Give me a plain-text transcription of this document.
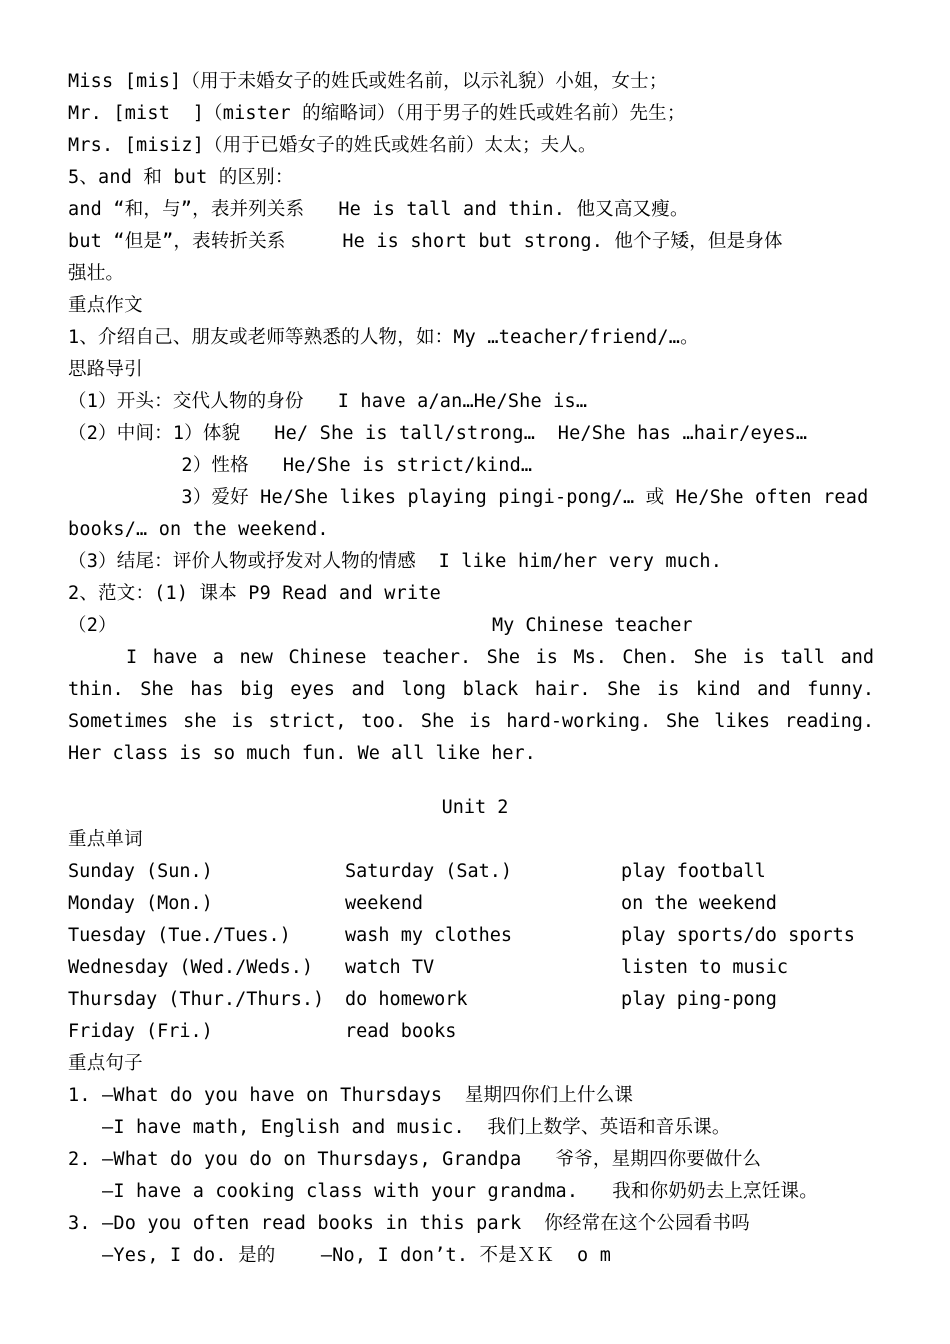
Miss [mis]（用于未婚女子的姓氏或姓名前，以示礼貌）小姐，女士；
Mr. [mist  ]（mister 的缩略词）（用于男子的姓氏或姓名前）先生；
Mrs. [misiz]（用于已婚女子的姓氏或姓名前）太太；夫人。
5、and 和 but 的区别：
and “和，与”，表并列关系   He is tall and thin. 他又高又瘦。
but “但是”，表转折关系     He is short but strong. 他个子矮，但是身体
强壮。
重点作文
1、介绍自己、朋友或老师等熟悉的人物，如：My …teacher/friend/…。
思路导引
（1）开头：交代人物的身份   I have a/an…He/She is…
（2）中间：1）体貌   He/ She is tall/strong…  He/She has …hair/eyes…
2）性格   He/She is strict/kind…
3）爱好 He/She likes playing pingi-pong/… 或 He/She often read
books/… on the weekend.
（3）结尾：评价人物或抒发对人物的情感  I like him/her very much.
2、范文：(1) 课本 P9 Read and write
（2）	My Chinese teacher
I have a new Chinese teacher. She is Ms. Chen. She is tall and thin. She has big eyes and long black hair. She is kind and funny. Sometimes she is strict, too. She is hard-working. She likes reading. Her class is so much fun. We all like her.
Unit 2
重点单词
Sunday (Sun.)	Saturday (Sat.)	play football
Monday (Mon.)	weekend	on the weekend
Tuesday (Tue./Tues.)	wash my clothes	play sports/do sports
Wednesday (Wed./Weds.) watch TV	listen to music
Thursday (Thur./Thurs.) do homework	play ping-pong
Friday (Fri.)	read books
重点句子
1. —What do you have on Thursdays  星期四你们上什么课
—I have math, English and music.  我们上数学、英语和音乐课。
2. —What do you do on Thursdays, Grandpa   爷爷，星期四你要做什么
—I have a cooking class with your grandma.   我和你奶奶去上烹饪课。
3. —Do you often read books in this park  你经常在这个公园看书吗
—Yes, I do. 是的    —No, I don’t. 不是ＸＫ  o m
